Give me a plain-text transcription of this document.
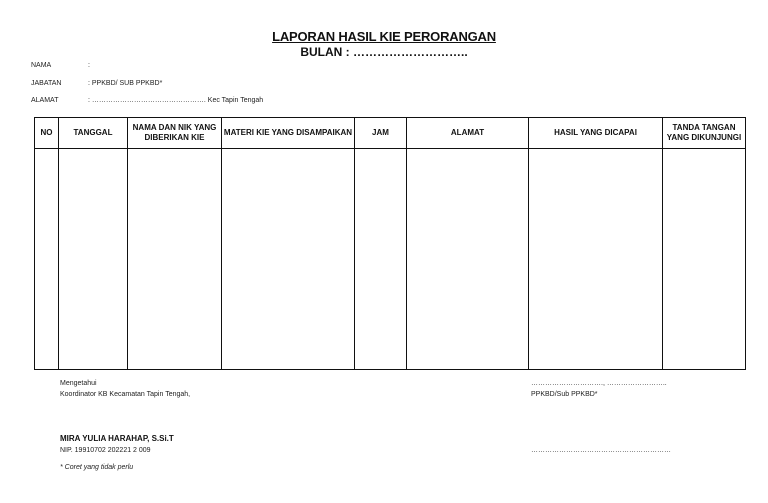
LAPORAN HASIL KIE PERORANGAN
BULAN : ………………………..
NAMA	:
JABATAN	: PPKBD/ SUB PPKBD*
ALAMAT	: …………………………………………. Kec Tapin Tengah
NO	TANGGAL	NAMA DAN NIK YANG DIBERIKAN KIE	MATERI KIE YANG DISAMPAIKAN	JAM	ALAMAT	HASIL YANG DICAPAI	TANDA TANGAN YANG DIKUNJUNGI

Mengetahui
Koordinator KB Kecamatan Tapin Tengah,
…………………………., ……………………..
PPKBD/Sub PPKBD*
MIRA YULIA HARAHAP, S.Si.T
NIP. 19910702 202221 2 009	……………………………………………………
* Coret yang tidak perlu
